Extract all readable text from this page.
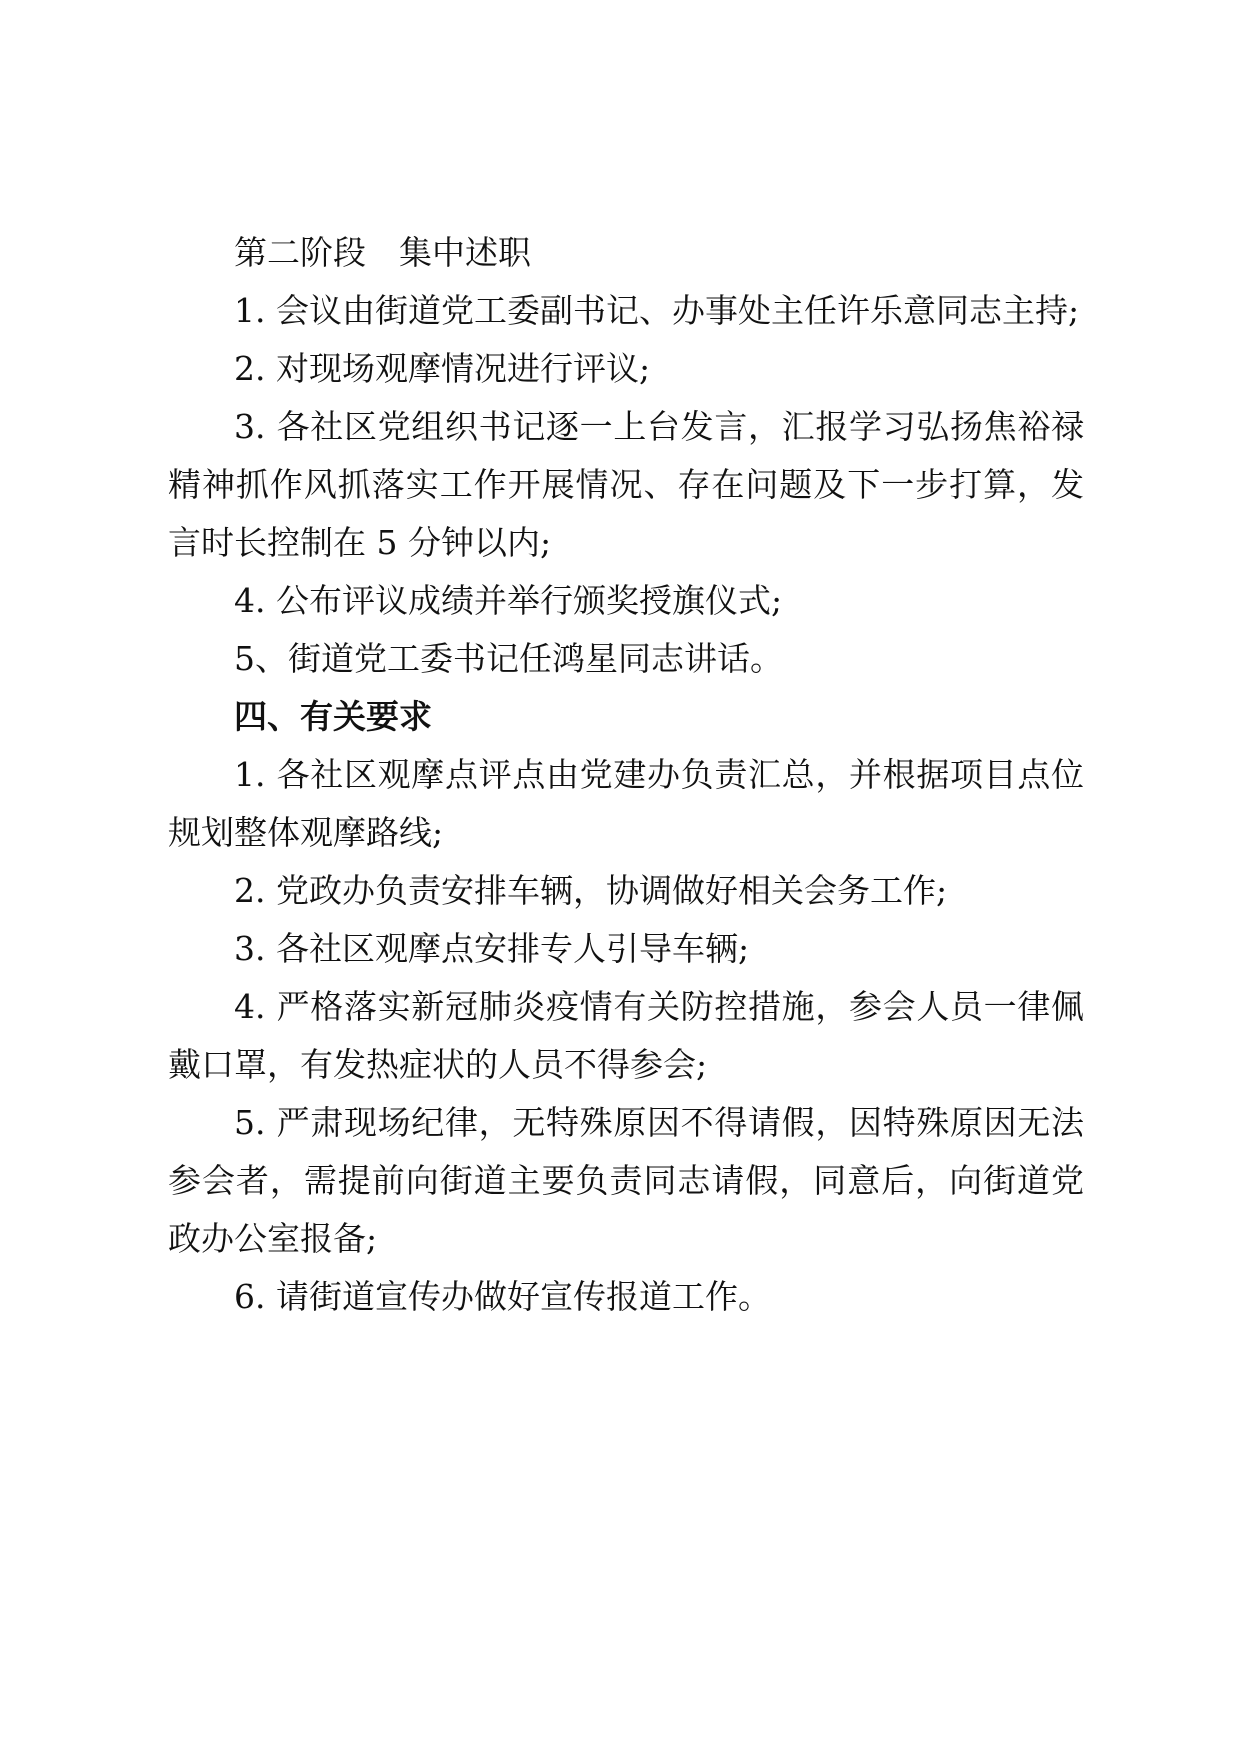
第二阶段　集中述职

1. 会议由街道党工委副书记、办事处主任许乐意同志主持;

2. 对现场观摩情况进行评议;

3. 各社区党组织书记逐一上台发言，汇报学习弘扬焦裕禄精神抓作风抓落实工作开展情况、存在问题及下一步打算，发言时长控制在 5 分钟以内;

4. 公布评议成绩并举行颁奖授旗仪式;

5、街道党工委书记任鸿星同志讲话。

四、有关要求

1. 各社区观摩点评点由党建办负责汇总，并根据项目点位规划整体观摩路线;

2. 党政办负责安排车辆，协调做好相关会务工作;

3. 各社区观摩点安排专人引导车辆;

4. 严格落实新冠肺炎疫情有关防控措施，参会人员一律佩戴口罩，有发热症状的人员不得参会;

5. 严肃现场纪律，无特殊原因不得请假，因特殊原因无法参会者，需提前向街道主要负责同志请假，同意后，向街道党政办公室报备;

6. 请街道宣传办做好宣传报道工作。
